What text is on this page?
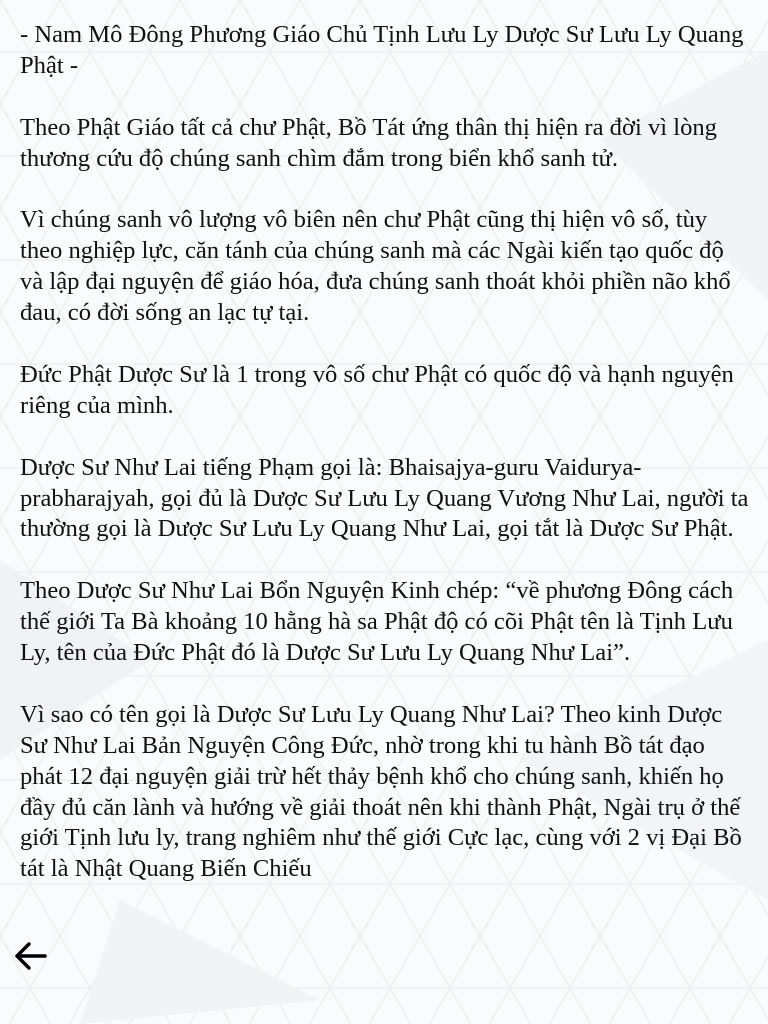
- Nam Mô Đông Phương Giáo Chủ Tịnh Lưu Ly Dược Sư Lưu Ly Quang Phật -

Theo Phật Giáo tất cả chư Phật, Bồ Tát ứng thân thị hiện ra đời vì lòng thương cứu độ chúng sanh chìm đắm trong biển khổ sanh tử.

Vì chúng sanh vô lượng vô biên nên chư Phật cũng thị hiện vô số, tùy theo nghiệp lực, căn tánh của chúng sanh mà các Ngài kiến tạo quốc độ và lập đại nguyện để giáo hóa, đưa chúng sanh thoát khỏi phiền não khổ đau, có đời sống an lạc tự tại.

Đức Phật Dược Sư là 1 trong vô số chư Phật có quốc độ và hạnh nguyện riêng của mình.

Dược Sư Như Lai tiếng Phạm gọi là: Bhaisajya-guru Vaidurya-prabharajyah, gọi đủ là Dược Sư Lưu Ly Quang Vương Như Lai, người ta thường gọi là Dược Sư Lưu Ly Quang Như Lai, gọi tắt là Dược Sư Phật.

Theo Dược Sư Như Lai Bổn Nguyện Kinh chép: “về phương Đông cách thế giới Ta Bà khoảng 10 hằng hà sa Phật độ có cõi Phật tên là Tịnh Lưu Ly, tên của Đức Phật đó là Dược Sư Lưu Ly Quang Như Lai”.

Vì sao có tên gọi là Dược Sư Lưu Ly Quang Như Lai? Theo kinh Dược Sư Như Lai Bản Nguyện Công Đức, nhờ trong khi tu hành Bồ tát đạo phát 12 đại nguyện giải trừ hết thảy bệnh khổ cho chúng sanh, khiến họ đầy đủ căn lành và hướng về giải thoát nên khi thành Phật, Ngài trụ ở thế giới Tịnh lưu ly, trang nghiêm như thế giới Cực lạc, cùng với 2 vị Đại Bồ tát là Nhật Quang Biến Chiếu
